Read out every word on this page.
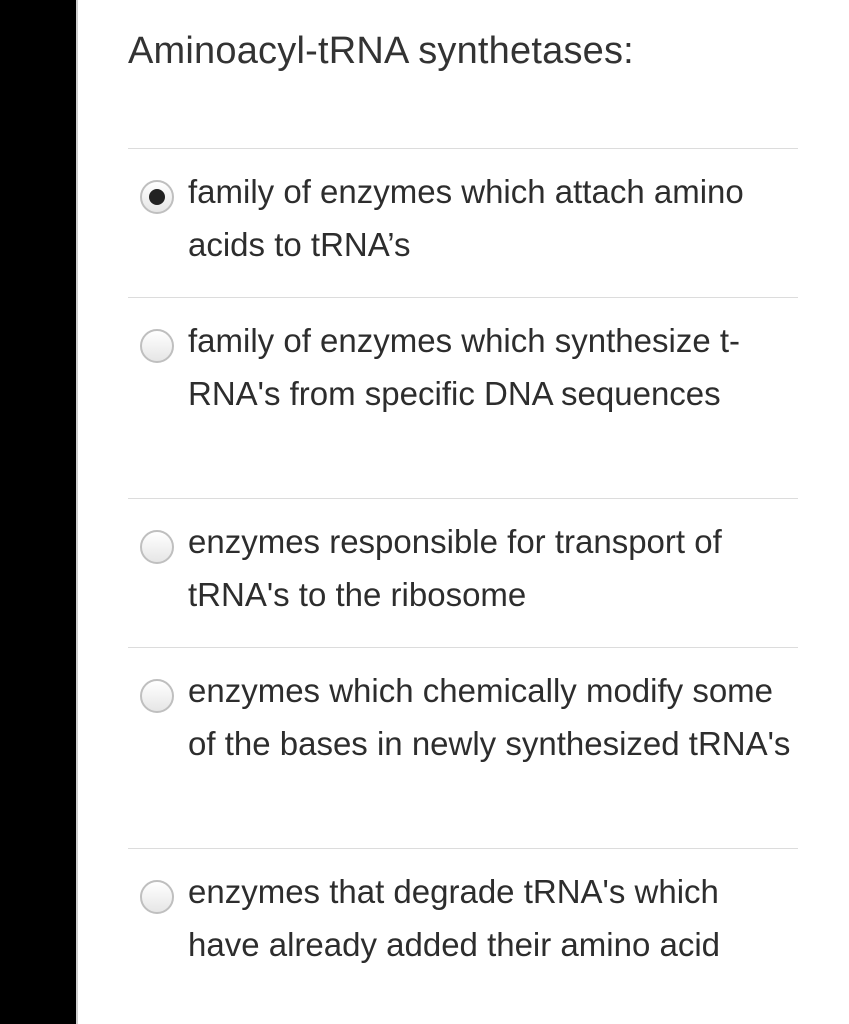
Aminoacyl-tRNA synthetases:
family of enzymes which attach amino acids to tRNA’s
family of enzymes which synthesize t-RNA's from specific DNA sequences
enzymes responsible for transport of tRNA's to the ribosome
enzymes which chemically modify some of the bases in newly synthesized tRNA's
enzymes that degrade tRNA's which have already added their amino acid
